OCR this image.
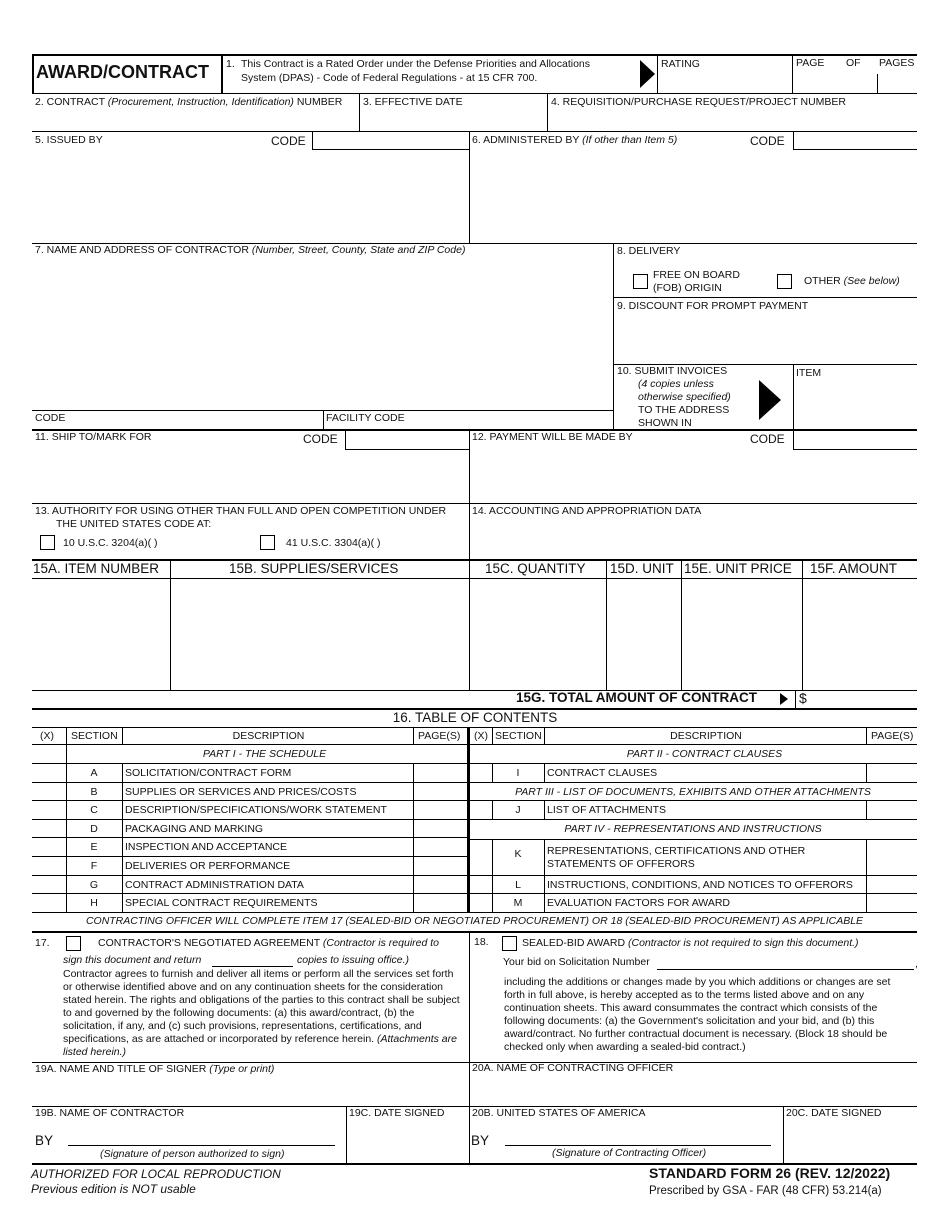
AWARD/CONTRACT 1. This Contract is a Rated Order under the Defense Priorities and Allocations
System (DPAS) - Code of Federal Regulations - at 15 CFR 700.
RATING	PAGE OF PAGES
2. CONTRACT (Procurement, Instruction, Identification) NUMBER 3. EFFECTIVE DATE	4. REQUISITION/PURCHASE REQUEST/PROJECT NUMBER
5. ISSUED BY	CODE	6. ADMINISTERED BY (If other than Item 5)	CODE
7. NAME AND ADDRESS OF CONTRACTOR (Number, Street, County, State and ZIP Code)	8. DELIVERY
FREE ON BOARD
(FOB) ORIGIN
OTHER (See below)
9. DISCOUNT FOR PROMPT PAYMENT
10. SUBMIT INVOICES
(4 copies unless
otherwise specified)
TO THE ADDRESS
SHOWN IN
ITEM
CODE	FACILITY CODE
11. SHIP TO/MARK FOR	CODE	12. PAYMENT WILL BE MADE BY	CODE
13. AUTHORITY FOR USING OTHER THAN FULL AND OPEN COMPETITION UNDER
THE UNITED STATES CODE AT:
10 U.S.C. 3204(a)( )	41 U.S.C. 3304(a)( )
14. ACCOUNTING AND APPROPRIATION DATA
15A. ITEM NUMBER	15B. SUPPLIES/SERVICES	15C. QUANTITY 15D. UNIT 15E. UNIT PRICE 15F. AMOUNT
15G. TOTAL AMOUNT OF CONTRACT	$
16. TABLE OF CONTENTS
(X) SECTION	DESCRIPTION	PAGE(S) (X) SECTION	DESCRIPTION	PAGE(S)
PART I - THE SCHEDULE	PART II - CONTRACT CLAUSES
A	SOLICITATION/CONTRACT FORM
B	SUPPLIES OR SERVICES AND PRICES/COSTS
C	DESCRIPTION/SPECIFICATIONS/WORK STATEMENT
D	PACKAGING AND MARKING
E	INSPECTION AND ACCEPTANCE
F	DELIVERIES OR PERFORMANCE
G	CONTRACT ADMINISTRATION DATA
H	SPECIAL CONTRACT REQUIREMENTS
I	CONTRACT CLAUSES
PART III - LIST OF DOCUMENTS, EXHIBITS AND OTHER ATTACHMENTS
J	LIST OF ATTACHMENTS
PART IV - REPRESENTATIONS AND INSTRUCTIONS
K	REPRESENTATIONS, CERTIFICATIONS AND OTHER
STATEMENTS OF OFFERORS
L	INSTRUCTIONS, CONDITIONS, AND NOTICES TO OFFERORS
M	EVALUATION FACTORS FOR AWARD
CONTRACTING OFFICER WILL COMPLETE ITEM 17 (SEALED-BID OR NEGOTIATED PROCUREMENT) OR 18 (SEALED-BID PROCUREMENT) AS APPLICABLE
17.	CONTRACTOR'S NEGOTIATED AGREEMENT (Contractor is required to
sign this document and return	copies to issuing office.)
Contractor agrees to furnish and deliver all items or perform all the services set forth or otherwise identified above and on any continuation sheets for the consideration stated herein. The rights and obligations of the parties to this contract shall be subject to and governed by the following documents: (a) this award/contract, (b) the solicitation, if any, and (c) such provisions, representations, certifications, and specifications, as are attached or incorporated by reference herein. (Attachments are listed herein.)
18.	SEALED-BID AWARD (Contractor is not required to sign this document.)
Your bid on Solicitation Number	,
including the additions or changes made by you which additions or changes are set forth in full above, is hereby accepted as to the terms listed above and on any continuation sheets. This award consummates the contract which consists of the following documents: (a) the Government's solicitation and your bid, and (b) this award/contract. No further contractual document is necessary. (Block 18 should be checked only when awarding a sealed-bid contract.)
19A. NAME AND TITLE OF SIGNER (Type or print)	20A. NAME OF CONTRACTING OFFICER
19B. NAME OF CONTRACTOR	19C. DATE SIGNED	20B. UNITED STATES OF AMERICA	20C. DATE SIGNED
BY
(Signature of person authorized to sign)
BY
(Signature of Contracting Officer)
AUTHORIZED FOR LOCAL REPRODUCTION
Previous edition is NOT usable
STANDARD FORM 26 (REV. 12/2022)
Prescribed by GSA - FAR (48 CFR) 53.214(a)
